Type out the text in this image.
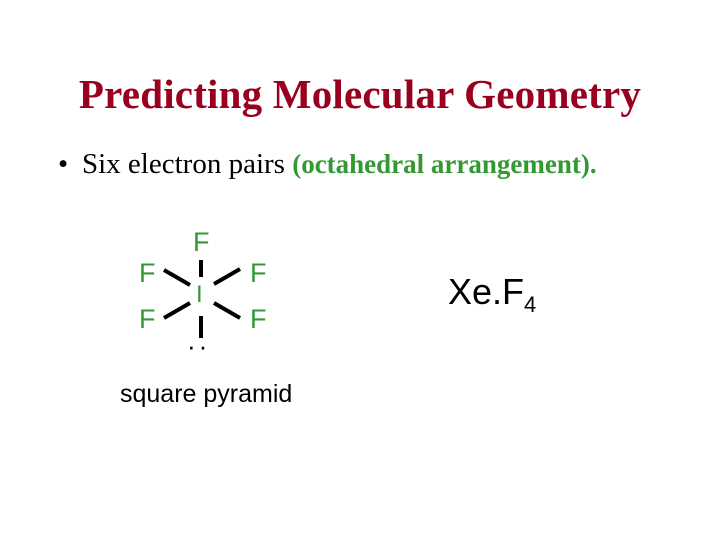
Predicting Molecular Geometry
• Six electron pairs (octahedral arrangement).
F
F	F
I
F	F
··
square pyramid
$Xe.F_4$
